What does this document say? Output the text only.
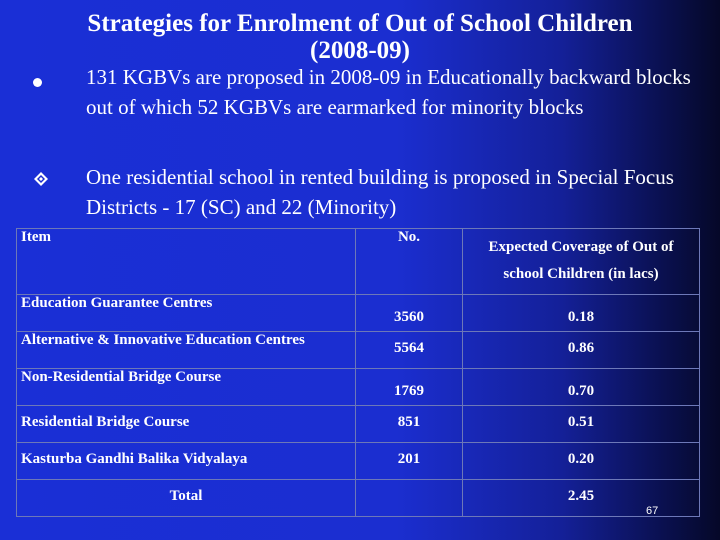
Strategies for Enrolment of Out of School Children
(2008-09)
131 KGBVs are proposed in 2008-09 in Educationally backward blocks out of which 52 KGBVs are earmarked for minority blocks
One residential school in rented building is proposed in Special Focus Districts - 17 (SC) and 22 (Minority)
Item	No.	Expected Coverage of Out of school Children (in lacs)
Education Guarantee Centres	3560	0.18

Alternative & Innovative Education Centres	5564	0.86

Non-Residential Bridge Course	1769	0.70

Residential Bridge Course	851	0.51

Kasturba Gandhi Balika Vidyalaya	201	0.20

Total		2.45
67
